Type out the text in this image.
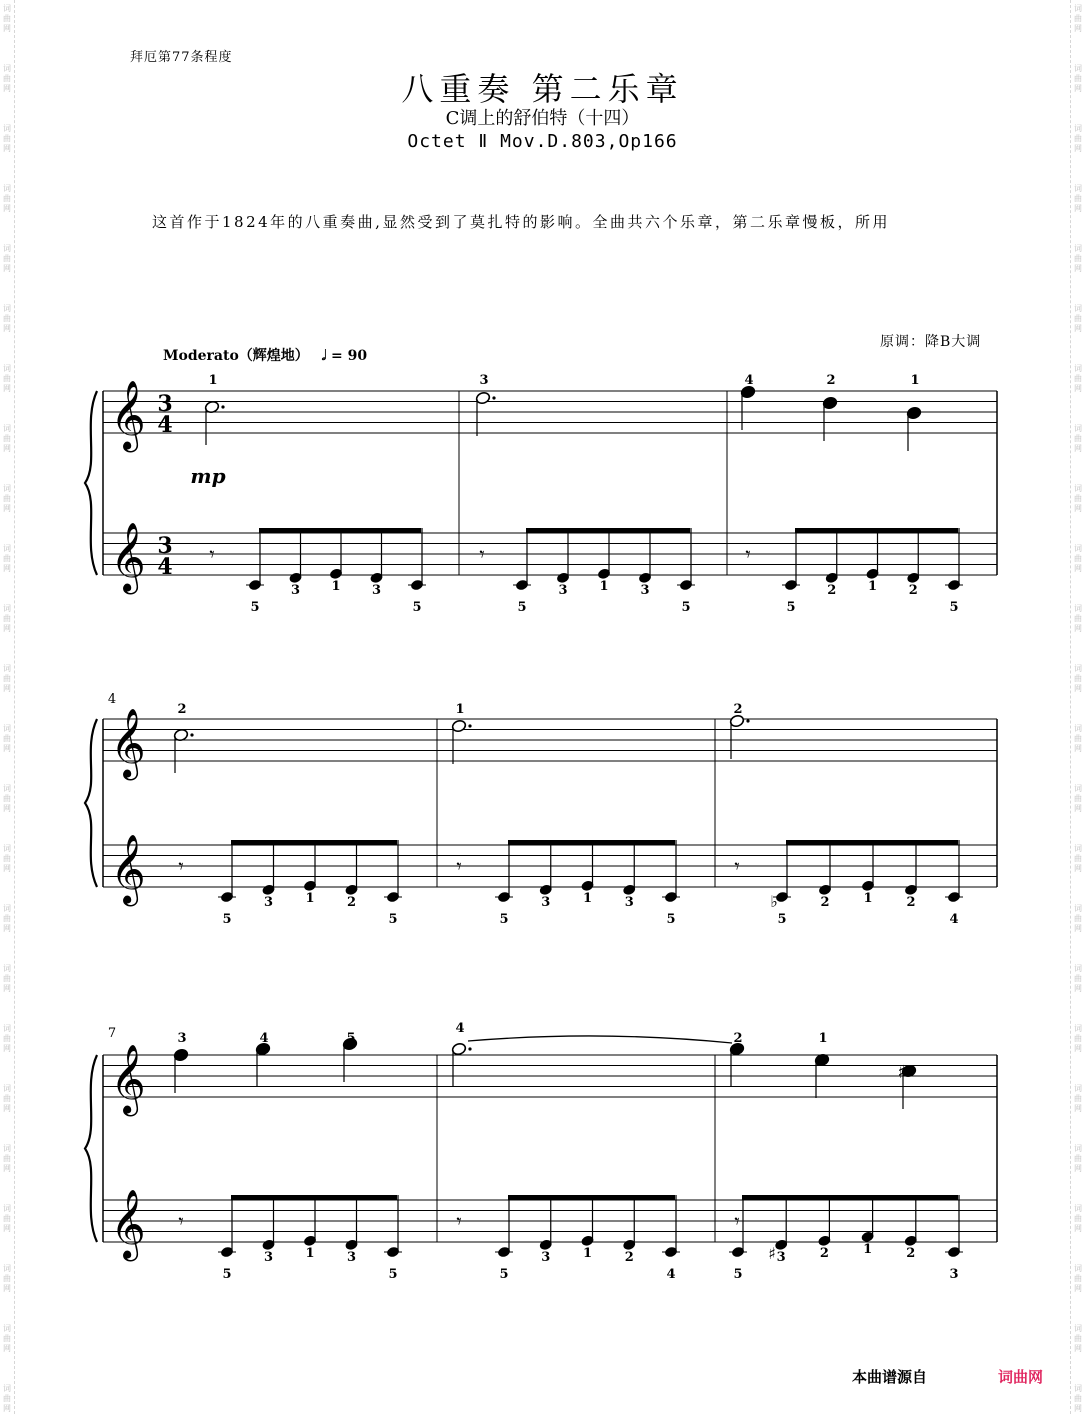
词
曲
网
词
曲
网
词
曲
网
词
曲
网
词
曲
网
词
曲
网
词
曲
网
词
曲
网
词
曲
网
词
曲
网
词
曲
网
词
曲
网
词
曲
网
词
曲
网
词
曲
网
词
曲
网
词
曲
网
词
曲
网
词
曲
网
词
曲
网
词
曲
网
词
曲
网
词
曲
网
词
曲
网
词
曲
网
词
曲
网
词
曲
网
词
曲
网
词
曲
网
词
曲
网
词
曲
网
词
曲
网
词
曲
网
词
曲
网
词
曲
网
词
曲
网
词
曲
网
词
曲
网
词
曲
网
词
曲
网
词
曲
网
词
曲
网
词
曲
网
词
曲
网
词
曲
网
词
曲
网
词
曲
网
词
曲
网
拜厄第77条程度
八重奏 第二乐章
C调上的舒伯特（十四）
Octet Ⅱ Mov.D.803,Op166
这首作于1824年的八重奏曲,显然受到了莫扎特的影响。全曲共六个乐章，第二乐章慢板，所用
原调：降B大调
Moderato（辉煌地） 𝅗𝅥 = 90
本曲谱源自	词曲网
𝄞
𝄞
3
4
3
4
𝄞
𝄞
𝄞
𝄞
4
7
mp
1	3	4	2	1
2	1	2
3	4	5
4
2	1
♯
5
3 1 3
5
𝄾
5
3 1 3
5
𝄾
5
2 1 2
5
𝄾
5
3 1 2
5
𝄾
5
3	1	3
5
𝄾
5
2	1	2
4
𝄾
5
3 1 3
5
𝄾
5
3	1	2
4
𝄾
5
3	2	1	2
3
𝄾
♭
♯
